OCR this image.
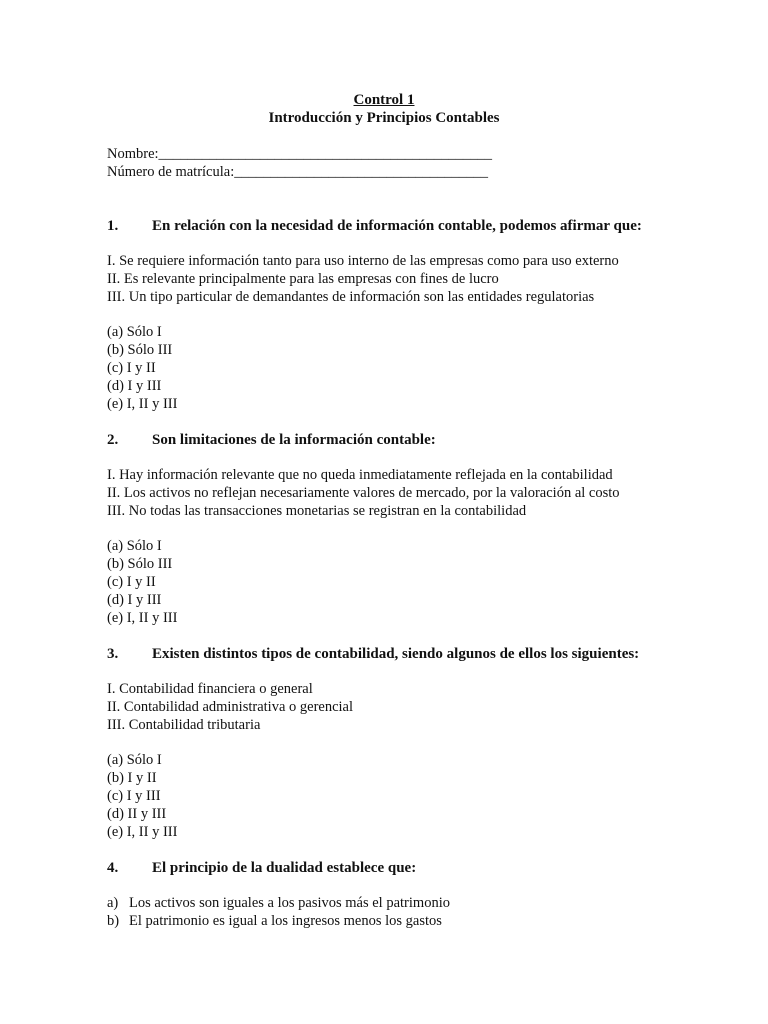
Control 1
Introducción y Principios Contables
Nombre:______________________________________________
Número de matrícula:___________________________________
1. En relación con la necesidad de información contable, podemos afirmar que:
I. Se requiere información tanto para uso interno de las empresas como para uso externo
II. Es relevante principalmente para las empresas con fines de lucro
III. Un tipo particular de demandantes de información son las entidades regulatorias
(a) Sólo I
(b) Sólo III
(c) I y II
(d) I y III
(e) I, II y III
2. Son limitaciones de la información contable:
I. Hay información relevante que no queda inmediatamente reflejada en la contabilidad
II. Los activos no reflejan necesariamente valores de mercado, por la valoración al costo
III. No todas las transacciones monetarias se registran en la contabilidad
(a) Sólo I
(b) Sólo III
(c) I y II
(d) I y III
(e) I, II y III
3. Existen distintos tipos de contabilidad, siendo algunos de ellos los siguientes:
I. Contabilidad financiera o general
II. Contabilidad administrativa o gerencial
III. Contabilidad tributaria
(a) Sólo I
(b) I y II
(c) I y III
(d) II y III
(e) I, II y III
4. El principio de la dualidad establece que:
a) Los activos son iguales a los pasivos más el patrimonio
b) El patrimonio es igual a los ingresos menos los gastos
